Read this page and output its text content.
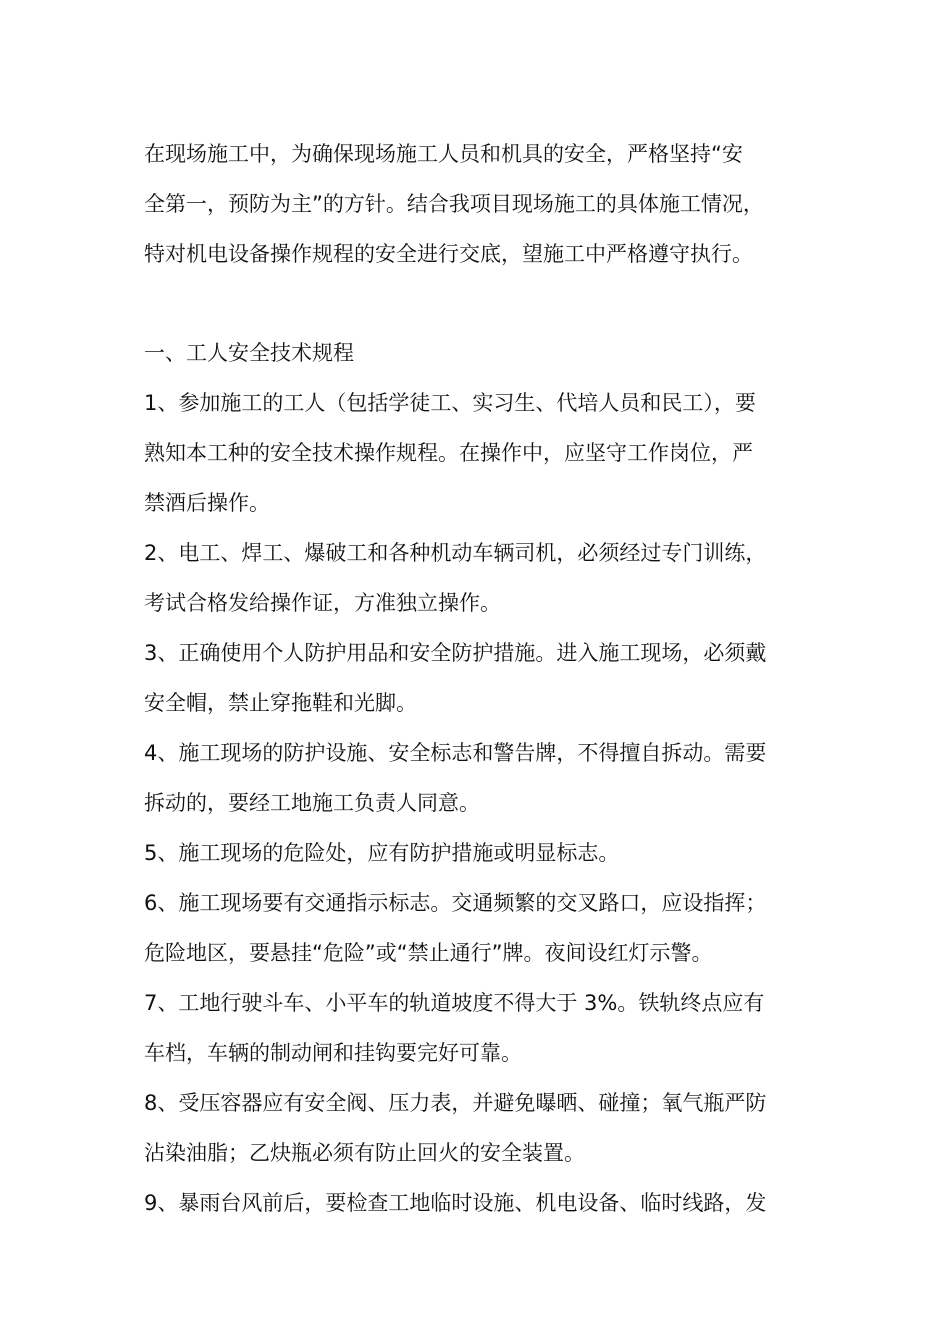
在现场施工中，为确保现场施工人员和机具的安全，严格坚持“安

全第一，预防为主”的方针。结合我项目现场施工的具体施工情况，

特对机电设备操作规程的安全进行交底，望施工中严格遵守执行。

一、工人安全技术规程

1、参加施工的工人（包括学徒工、实习生、代培人员和民工），要

熟知本工种的安全技术操作规程。在操作中，应坚守工作岗位，严

禁酒后操作。

2、电工、焊工、爆破工和各种机动车辆司机，必须经过专门训练，

考试合格发给操作证，方准独立操作。

3、正确使用个人防护用品和安全防护措施。进入施工现场，必须戴

安全帽，禁止穿拖鞋和光脚。

4、施工现场的防护设施、安全标志和警告牌，不得擅自拆动。需要

拆动的，要经工地施工负责人同意。

5、施工现场的危险处，应有防护措施或明显标志。

6、施工现场要有交通指示标志。交通频繁的交叉路口，应设指挥；

危险地区，要悬挂“危险”或“禁止通行”牌。夜间设红灯示警。

7、工地行驶斗车、小平车的轨道坡度不得大于 3%。铁轨终点应有

车档，车辆的制动闸和挂钩要完好可靠。

8、受压容器应有安全阀、压力表，并避免曝晒、碰撞；氧气瓶严防

沾染油脂；乙炔瓶必须有防止回火的安全装置。

9、暴雨台风前后，要检查工地临时设施、机电设备、临时线路，发
